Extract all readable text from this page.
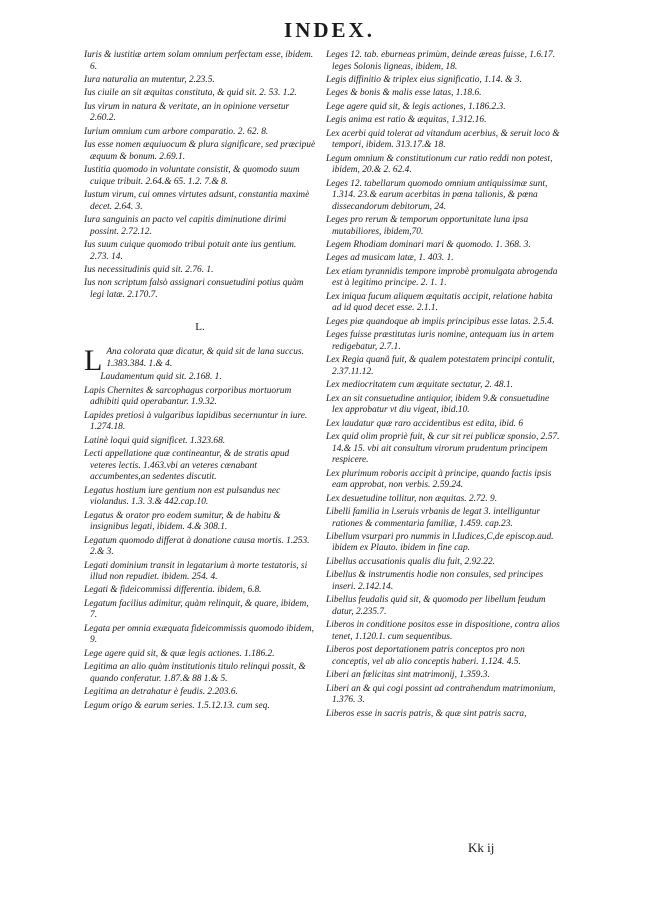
INDEX.
Iuris & iustitiæ artem solam omnium perfectam esse, ibidem. 6.
Iura naturalia an mutentur, 2.23.5.
Ius ciuile an sit æquitas constituta, & quid sit. 2. 53. 1.2.
Ius virum in natura & veritate, an in opinione versetur 2.60.2.
Iurium omnium cum arbore comparatio. 2. 62. 8.
Ius esse nomen æquiuocum & plura significare, sed præcipuè æquum & bonum. 2.69.1.
Iustitia quomodo in voluntate consistit, & quomodo suum cuique tribuit. 2.64.& 65. 1.2. 7.& 8.
Iustum virum, cui omnes virtutes adsunt, constantia maximè decet. 2.64. 3.
Iura sanguinis an pacto vel capitis diminutione dirimi possint. 2.72.12.
Ius suum cuique quomodo tribui potuit ante ius gentium. 2.73. 14.
Ius necessitudinis quid sit. 2.76. 1.
Ius non scriptum falsò assignari consuetudini potius quàm legi latæ. 2.170.7.
L.
L Ana colorata quæ dicatur, & quid sit de lana succus. 1.383.384. 1.& 4.
Laudamentum quid sit. 2.168. 1.
Lapis Chernites & sarcophagus corporibus mortuorum adhibiti quid operabantur. 1.9.32.
Lapides pretiosi à vulgaribus lapidibus secernuntur in iure. 1.274.18.
Latinè loqui quid significet. 1.323.68.
Lecti appellatione quæ contineantur, & de stratis apud veteres lectis. 1.463.vbi an veteres cœnabant accumbentes,an sedentes discutit.
Legatus hostium iure gentium non est pulsandus nec violandus. 1.3. 3.& 442.cap.10.
Legatus & orator pro eodem sumitur, & de habitu & insignibus legati, ibidem. 4.& 308.1.
Legatum quomodo differat à donatione causa mortis. 1.253. 2.& 3.
Legati dominium transit in legatarium à morte testatoris, si illud non repudiet. ibidem. 254. 4.
Legati & fideicommissi differentia. ibidem, 6.8.
Legatum facilius adimitur, quàm relinquit, & quare, ibidem, 7.
Legata per omnia exæquata fideicommissis quomodo ibidem, 9.
Lege agere quid sit, & quæ legis actiones. 1.186.2.
Legitima an alio quàm institutionis titulo relinqui possit, & quando conferatur. 1.87.& 88 1.& 5.
Legitima an detrahatur è feudis. 2.203.6.
Legum origo & earum series. 1.5.12.13. cum seq.
Leges 12. tab. eburneas primùm, deinde æreas fuisse, 1.6.17. leges Solonis ligneas, ibidem, 18.
Legis diffinitio & triplex eius significatio, 1.14. & 3.
Leges & bonis & malis esse latas, 1.18.6.
Lege agere quid sit, & legis actiones, 1.186.2.3.
Legis anima est ratio & æquitas, 1.312.16.
Lex acerbi quid tolerat ad vitandum acerbius, & seruit loco & tempori, ibidem. 313.17.& 18.
Legum omnium & constitutionum cur ratio reddi non potest, ibidem, 20.& 2. 62.4.
Leges 12. tabellarum quomodo omnium antiquissimæ sunt, 1.314. 23.& earum acerbitas in pœna talionis, & pœna dissecandorum debitorum, 24.
Leges pro rerum & temporum opportunitate luna ipsa mutabiliores, ibidem,70.
Legem Rhodiam dominari mari & quomodo. 1. 368. 3.
Leges ad musicam latæ, 1. 403. 1.
Lex etiam tyrannidis tempore improbè promulgata abrogenda est à legitimo principe. 2. 1. 1.
Lex iniqua fucum aliquem æquitatis accipit, relatione habita ad id quod decet esse. 2.1.1.
Leges piæ quandoque ab impiis principibus esse latas. 2.5.4.
Leges fuisse præstitutas iuris nomine, antequam ius in artem redigebatur, 2.7.1.
Lex Regia quanâ fuit, & qualem potestatem principi contulit, 2.37.11.12.
Lex mediocritatem cum æquitate sectatur, 2. 48.1.
Lex an sit consuetudine antiquior, ibidem 9.& consuetudine lex approbatur vt diu vigeat, ibid.10.
Lex laudatur quæ raro accidentibus est edita, ibid. 6
Lex quid olim propriè fuit, & cur sit rei publicæ sponsio, 2.57. 14.& 15. vbi ait consultum virorum prudentum principem respicere.
Lex plurimum roboris accipit à principe, quando factis ipsis eam approbat, non verbis. 2.59.24.
Lex desuetudine tollitur, non æquitas. 2.72. 9.
Libelli familia in l.seruis vrbanis de legat 3. intelliguntur rationes & commentaria familiæ, 1.459. cap.23.
Libellum vsurpari pro nummis in l.Iudices,C,de episcop.aud. ibidem ex Plauto. ibidem in fine cap.
Libellus accusationis qualis diu fuit, 2.92.22.
Libellus & instrumentis hodie non consules, sed principes inseri. 2.142.14.
Libellus feudalis quid sit, & quomodo per libellum feudum datur, 2.235.7.
Liberos in conditione positos esse in dispositione, contra alios tenet, 1.120.1. cum sequentibus.
Liberos post deportationem patris conceptos pro non conceptis, vel ab alio conceptis haberi. 1.124. 4.5.
Liberi an fœlicitas sint matrimonij, 1.359.3.
Liberi an & qui cogi possint ad contrahendum matrimonium, 1.376. 3.
Liberos esse in sacris patris, & quæ sint patris sacra,
Kk ij
